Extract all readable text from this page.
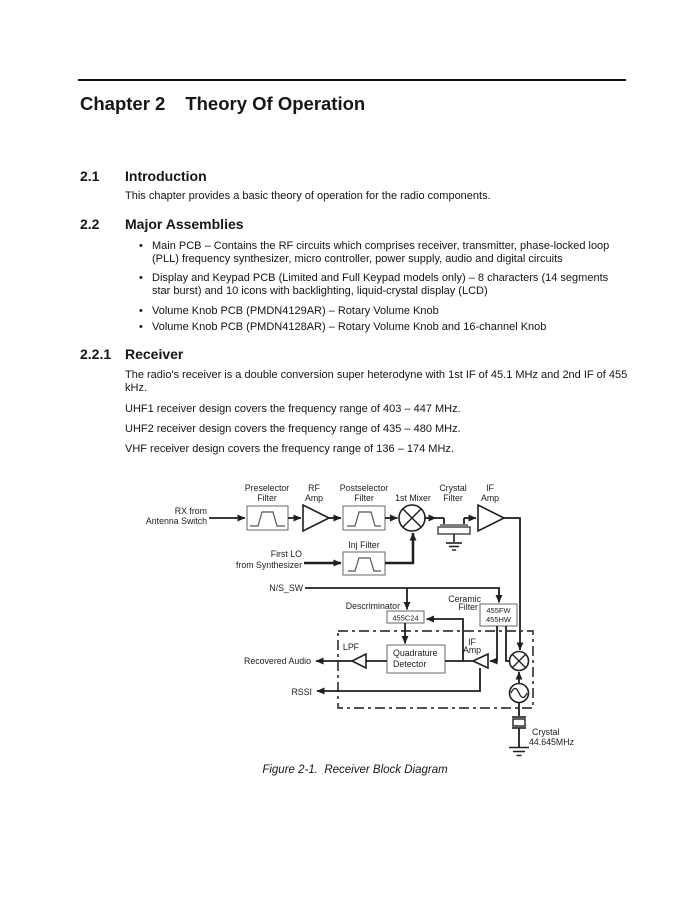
Chapter 2 Theory Of Operation
2.1 Introduction
This chapter provides a basic theory of operation for the radio components.
2.2 Major Assemblies
• Main PCB – Contains the RF circuits which comprises receiver, transmitter, phase-locked loop (PLL) frequency synthesizer, micro controller, power supply, audio and digital circuits
• Display and Keypad PCB (Limited and Full Keypad models only) – 8 characters (14 segments star burst) and 10 icons with backlighting, liquid-crystal display (LCD)
• Volume Knob PCB (PMDN4129AR) – Rotary Volume Knob
• Volume Knob PCB (PMDN4128AR) – Rotary Volume Knob and 16-channel Knob
2.2.1 Receiver
The radio's receiver is a double conversion super heterodyne with 1st IF of 45.1 MHz and 2nd IF of 455 kHz.
UHF1 receiver design covers the frequency range of 403 – 447 MHz.
UHF2 receiver design covers the frequency range of 435 – 480 MHz.
VHF receiver design covers the frequency range of 136 – 174 MHz.
RX from
Antenna Switch
Preselector
Filter
RF
Amp
Postselector
Filter 1st Mixer
Crystal
Filter
IF
Amp
First LO
from Synthesizer
Inj Filter
N/S_SW
Descriminator
455C24
Ceramic
Filter 455FW
455HW
Quadrature
Detector
IF
Amp
LPF
Recovered Audio
RSSI
Crystal
44.645MHz
Figure 2-1.  Receiver Block Diagram
